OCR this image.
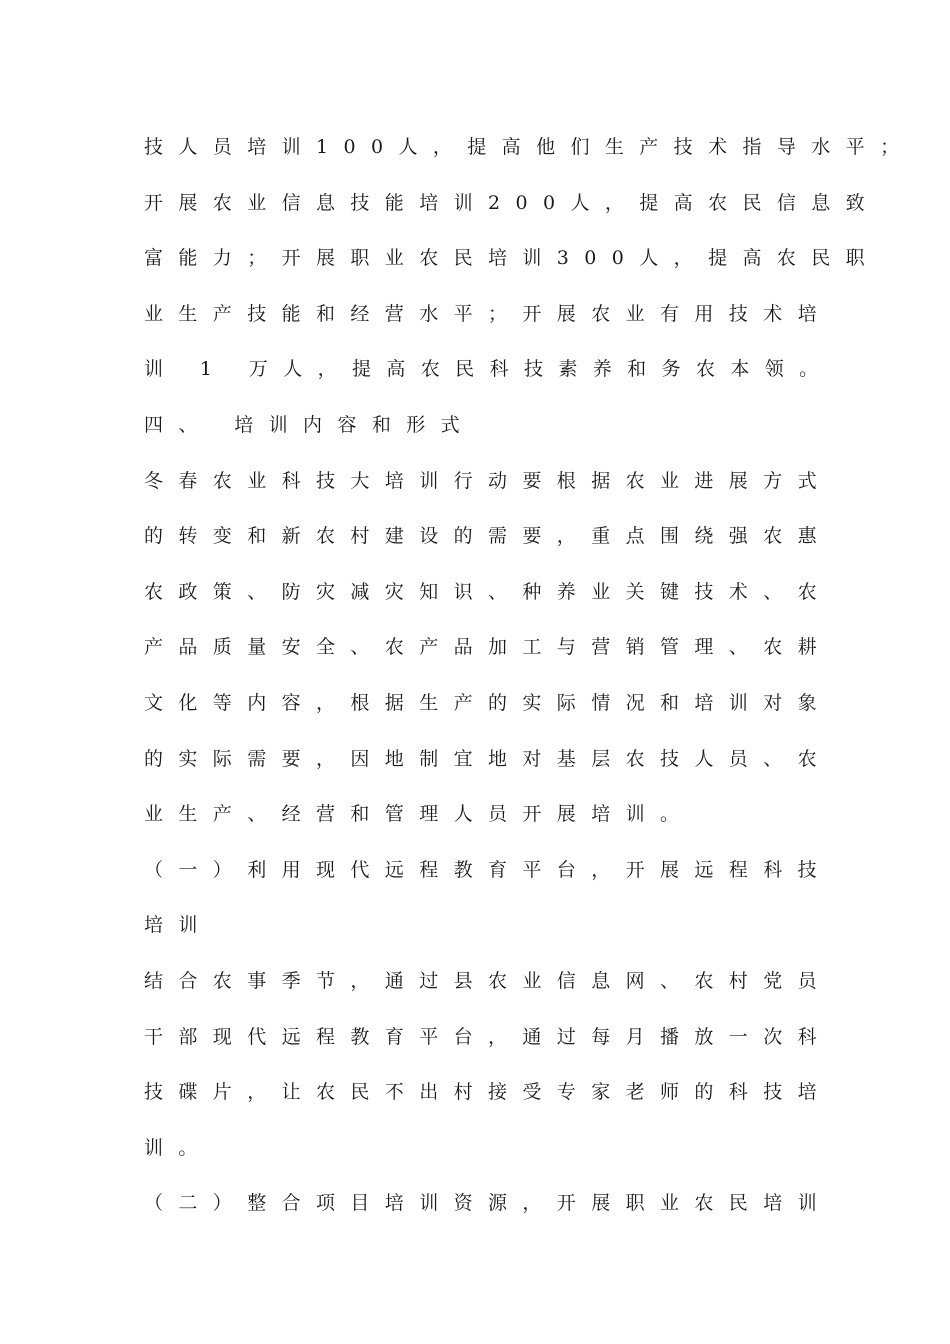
技人员培训100人，提高他们生产技术指导水平；
开展农业信息技能培训200人，提高农民信息致
富能力；开展职业农民培训300人，提高农民职
业生产技能和经营水平；开展农业有用技术培
训 1 万人，提高农民科技素养和务农本领。
四、 培训内容和形式
冬春农业科技大培训行动要根据农业进展方式
的转变和新农村建设的需要，重点围绕强农惠
农政策、防灾减灾知识、种养业关键技术、农
产品质量安全、农产品加工与营销管理、农耕
文化等内容，根据生产的实际情况和培训对象
的实际需要，因地制宜地对基层农技人员、农
业生产、经营和管理人员开展培训。
（一）利用现代远程教育平台，开展远程科技
培训
结合农事季节，通过县农业信息网、农村党员
干部现代远程教育平台，通过每月播放一次科
技碟片，让农民不出村接受专家老师的科技培
训。
（二）整合项目培训资源，开展职业农民培训
